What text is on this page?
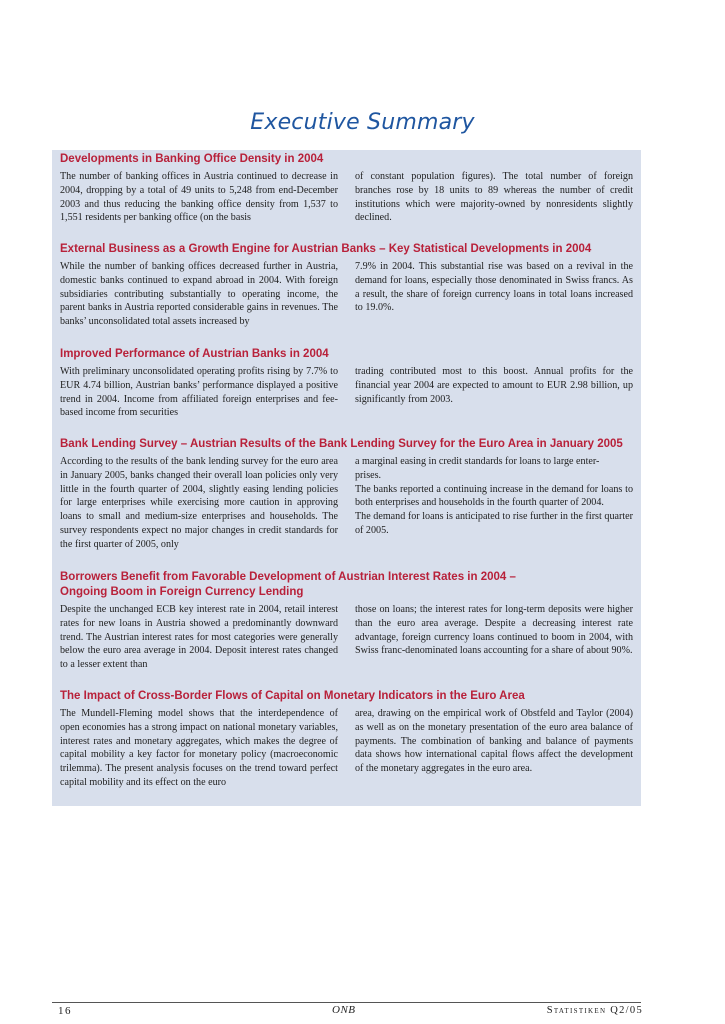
Executive Summary
Developments in Banking Office Density in 2004
The number of banking offices in Austria continued to decrease in 2004, dropping by a total of 49 units to 5,248 from end-December 2003 and thus reducing the banking office density from 1,537 to 1,551 residents per banking office (on the basis
of constant population figures). The total number of foreign branches rose by 18 units to 89 whereas the number of credit institutions which were majority-owned by nonresidents slightly declined.
External Business as a Growth Engine for Austrian Banks – Key Statistical Developments in 2004
While the number of banking offices decreased further in Austria, domestic banks continued to expand abroad in 2004. With foreign subsidiaries contributing substantially to operating income, the parent banks in Austria reported considerable gains in revenues. The banks’ unconsolidated total assets increased by
7.9% in 2004. This substantial rise was based on a revival in the demand for loans, especially those denominated in Swiss francs. As a result, the share of foreign currency loans in total loans increased to 19.0%.
Improved Performance of Austrian Banks in 2004
With preliminary unconsolidated operating profits rising by 7.7% to EUR 4.74 billion, Austrian banks’ performance displayed a positive trend in 2004. Income from affiliated foreign enterprises and fee-based income from securities
trading contributed most to this boost. Annual profits for the financial year 2004 are expected to amount to EUR 2.98 billion, up significantly from 2003.
Bank Lending Survey – Austrian Results of the Bank Lending Survey for the Euro Area in January 2005
According to the results of the bank lending survey for the euro area in January 2005, banks changed their overall loan policies only very little in the fourth quarter of 2004, slightly easing lending policies for large enterprises while exercising more caution in approving loans to small and medium-size enterprises and households. The survey respondents expect no major changes in credit standards for the first quarter of 2005, only
a marginal easing in credit standards for loans to large enter-
prises.
The banks reported a continuing increase in the demand for loans to both enterprises and households in the fourth quarter of 2004.
The demand for loans is anticipated to rise further in the first quarter of 2005.
Borrowers Benefit from Favorable Development of Austrian Interest Rates in 2004 –
Ongoing Boom in Foreign Currency Lending
Despite the unchanged ECB key interest rate in 2004, retail interest rates for new loans in Austria showed a predominantly downward trend. The Austrian interest rates for most categories were generally below the euro area average in 2004. Deposit interest rates changed to a lesser extent than
those on loans; the interest rates for long-term deposits were higher than the euro area average. Despite a decreasing interest rate advantage, foreign currency loans continued to boom in 2004, with Swiss franc-denominated loans accounting for a share of about 90%.
The Impact of Cross-Border Flows of Capital on Monetary Indicators in the Euro Area
The Mundell-Fleming model shows that the interdependence of open economies has a strong impact on national monetary variables, interest rates and monetary aggregates, which makes the degree of capital mobility a key factor for monetary policy (macroeconomic trilemma). The present analysis focuses on the trend toward perfect capital mobility and its effect on the euro
area, drawing on the empirical work of Obstfeld and Taylor (2004) as well as on the monetary presentation of the euro area balance of payments. The combination of banking and balance of payments data shows how international capital flows affect the development of the monetary aggregates in the euro area.
16	ONB	Statistiken Q2/05
